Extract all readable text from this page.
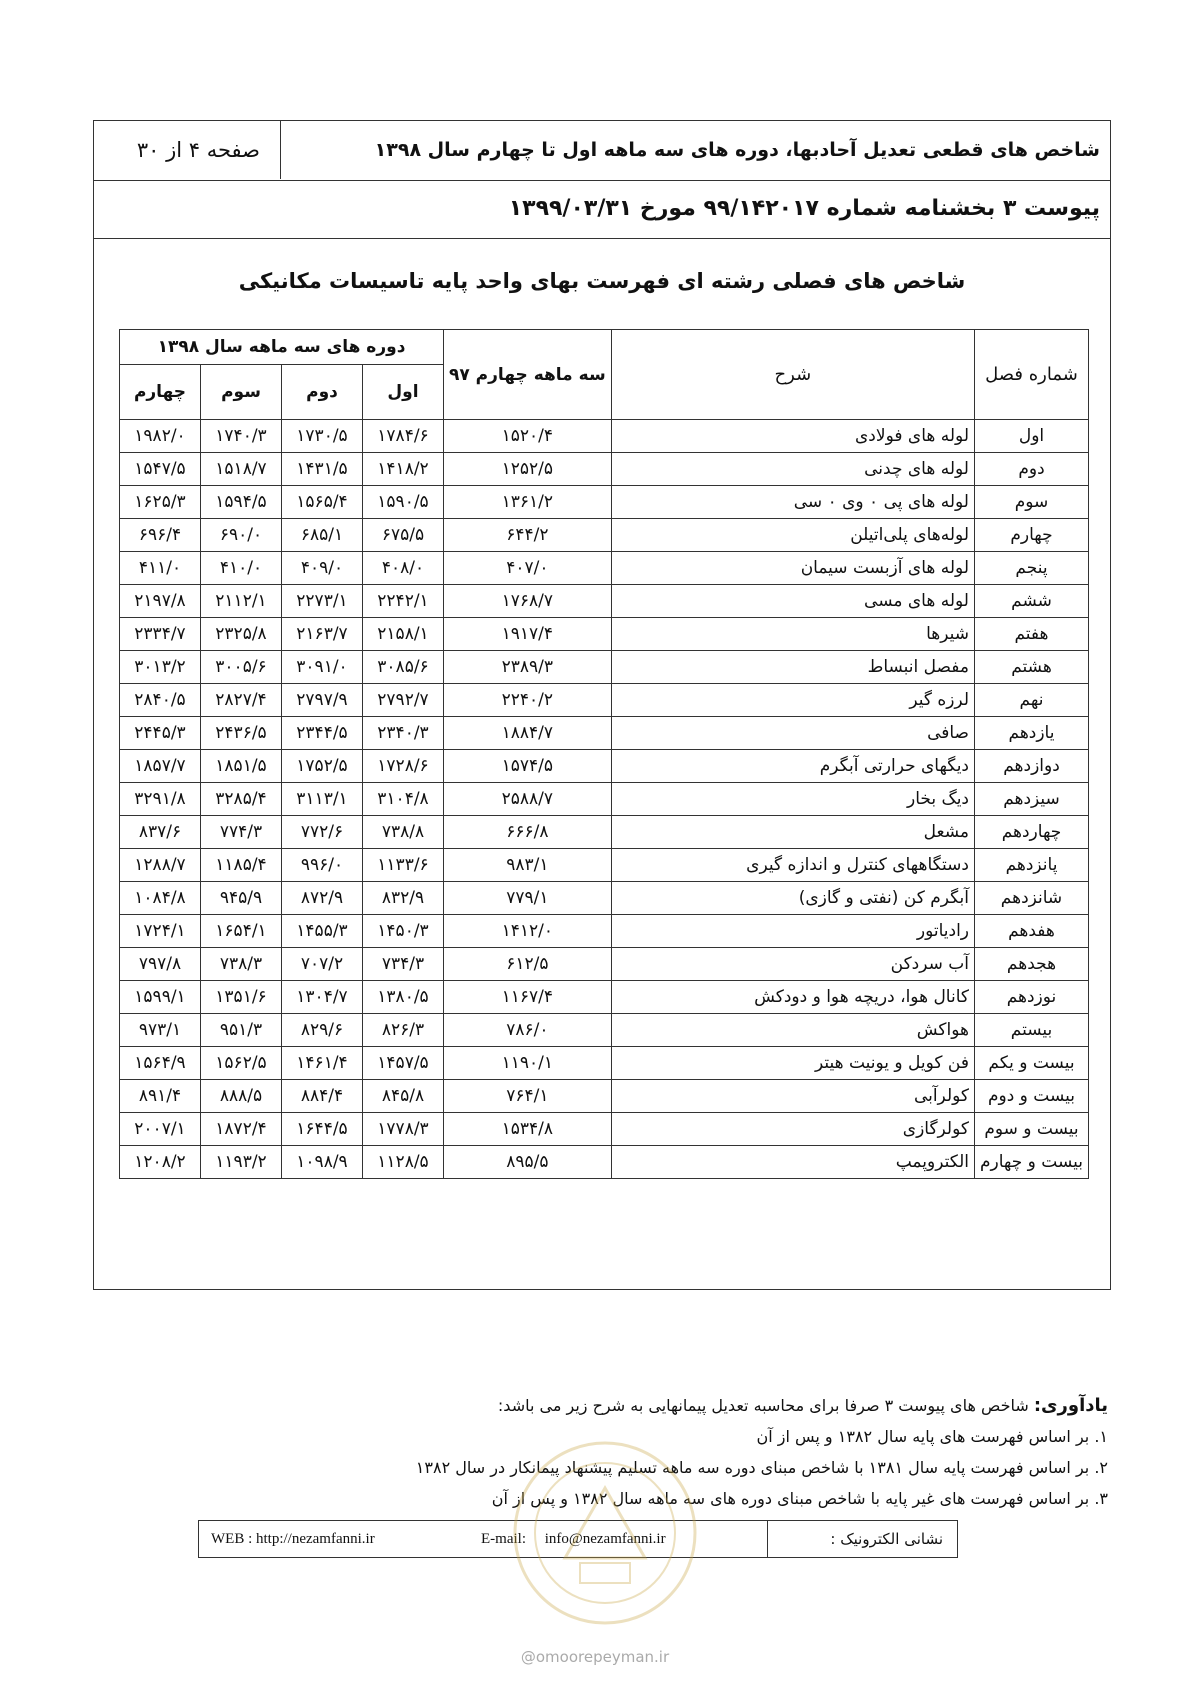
شاخص های قطعی تعدیل آحادبها، دوره های سه ماهه اول تا چهارم سال ۱۳۹۸
صفحه ۴ از ۳۰
پیوست ۳ بخشنامه شماره ۹۹/۱۴۲۰۱۷ مورخ ۱۳۹۹/۰۳/۳۱
شاخص های فصلی رشته ای فهرست بهای واحد پایه تاسیسات مکانیکی
شماره فصل	شرح	سه ماهه چهارم ۹۷	دوره های سه ماهه سال ۱۳۹۸			
			اول	دوم	سوم	چهارم
اول	لوله های فولادی	۱۵۲۰/۴	۱۷۸۴/۶	۱۷۳۰/۵	۱۷۴۰/۳	۱۹۸۲/۰
دوم	لوله های چدنی	۱۲۵۲/۵	۱۴۱۸/۲	۱۴۳۱/۵	۱۵۱۸/۷	۱۵۴۷/۵
سوم	لوله های پی ۰ وی ۰ سی	۱۳۶۱/۲	۱۵۹۰/۵	۱۵۶۵/۴	۱۵۹۴/۵	۱۶۲۵/۳
چهارم	لوله‌های پلی‌اتیلن	۶۴۴/۲	۶۷۵/۵	۶۸۵/۱	۶۹۰/۰	۶۹۶/۴
پنجم	لوله های آزبست سیمان	۴۰۷/۰	۴۰۸/۰	۴۰۹/۰	۴۱۰/۰	۴۱۱/۰
ششم	لوله های مسی	۱۷۶۸/۷	۲۲۴۲/۱	۲۲۷۳/۱	۲۱۱۲/۱	۲۱۹۷/۸
هفتم	شیرها	۱۹۱۷/۴	۲۱۵۸/۱	۲۱۶۳/۷	۲۳۲۵/۸	۲۳۳۴/۷
هشتم	مفصل انبساط	۲۳۸۹/۳	۳۰۸۵/۶	۳۰۹۱/۰	۳۰۰۵/۶	۳۰۱۳/۲
نهم	لرزه گیر	۲۲۴۰/۲	۲۷۹۲/۷	۲۷۹۷/۹	۲۸۲۷/۴	۲۸۴۰/۵
یازدهم	صافی	۱۸۸۴/۷	۲۳۴۰/۳	۲۳۴۴/۵	۲۴۳۶/۵	۲۴۴۵/۳
دوازدهم	دیگهای حرارتی آبگرم	۱۵۷۴/۵	۱۷۲۸/۶	۱۷۵۲/۵	۱۸۵۱/۵	۱۸۵۷/۷
سیزدهم	دیگ بخار	۲۵۸۸/۷	۳۱۰۴/۸	۳۱۱۳/۱	۳۲۸۵/۴	۳۲۹۱/۸
چهاردهم	مشعل	۶۶۶/۸	۷۳۸/۸	۷۷۲/۶	۷۷۴/۳	۸۳۷/۶
پانزدهم	دستگاههای کنترل و اندازه گیری	۹۸۳/۱	۱۱۳۳/۶	۹۹۶/۰	۱۱۸۵/۴	۱۲۸۸/۷
شانزدهم	آبگرم کن (نفتی و گازی)	۷۷۹/۱	۸۳۲/۹	۸۷۲/۹	۹۴۵/۹	۱۰۸۴/۸
هفدهم	رادیاتور	۱۴۱۲/۰	۱۴۵۰/۳	۱۴۵۵/۳	۱۶۵۴/۱	۱۷۲۴/۱
هجدهم	آب سردکن	۶۱۲/۵	۷۳۴/۳	۷۰۷/۲	۷۳۸/۳	۷۹۷/۸
نوزدهم	کانال هوا، دریچه هوا و دودکش	۱۱۶۷/۴	۱۳۸۰/۵	۱۳۰۴/۷	۱۳۵۱/۶	۱۵۹۹/۱
بیستم	هواکش	۷۸۶/۰	۸۲۶/۳	۸۲۹/۶	۹۵۱/۳	۹۷۳/۱
بیست و یکم	فن کویل و یونیت هیتر	۱۱۹۰/۱	۱۴۵۷/۵	۱۴۶۱/۴	۱۵۶۲/۵	۱۵۶۴/۹
بیست و دوم	کولرآبی	۷۶۴/۱	۸۴۵/۸	۸۸۴/۴	۸۸۸/۵	۸۹۱/۴
بیست و سوم	کولرگازی	۱۵۳۴/۸	۱۷۷۸/۳	۱۶۴۴/۵	۱۸۷۲/۴	۲۰۰۷/۱
بیست و چهارم	الکتروپمپ	۸۹۵/۵	۱۱۲۸/۵	۱۰۹۸/۹	۱۱۹۳/۲	۱۲۰۸/۲
یادآوری: شاخص های پیوست ۳ صرفا برای محاسبه تعدیل پیمانهایی به شرح زیر می باشد:
۱. بر اساس فهرست های پایه سال ۱۳۸۲ و پس از آن
۲. بر اساس فهرست پایه سال ۱۳۸۱ با شاخص مبنای دوره سه ماهه تسلیم پیشنهاد پیمانکار در سال ۱۳۸۲
۳. بر اساس فهرست های غیر پایه با شاخص مبنای دوره های سه ماهه سال ۱۳۸۲ و پس از آن
نشانی الکترونیک :
E-mail: info@nezamfanni.ir
WEB : http://nezamfanni.ir
@omoorepeyman.ir
